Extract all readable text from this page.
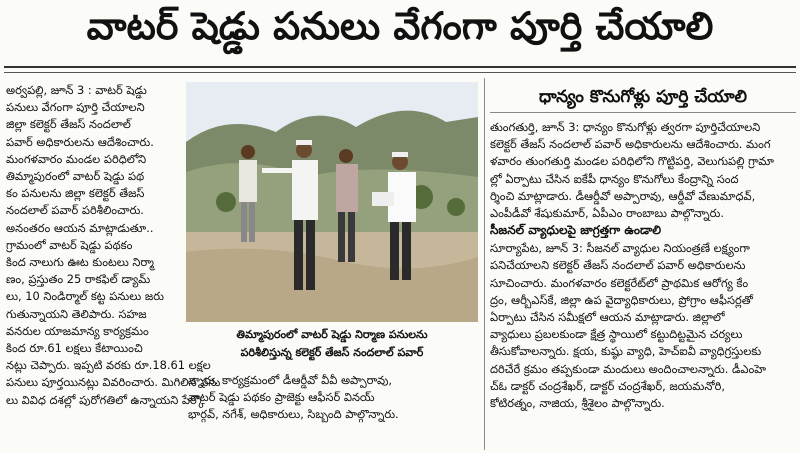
వాటర్ షెడ్డు పనులు వేగంగా పూర్తి చేయాలి
అర్వపల్లి, జూన్ 3 : వాటర్ షెడ్డు
పనులు వేగంగా పూర్తి చేయాలని
జిల్లా కలెక్టర్ తేజస్ నందలాల్
పవార్ అధికారులను ఆదేశించారు.
మంగళవారం మండల పరిధిలోని
తిమ్మాపురంలో వాటర్ షెడ్డు పథ
కం పనులను జిల్లా కలెక్టర్ తేజస్
నందలాల్ పవార్ పరిశీలించారు.
అనంతరం ఆయన మాట్లాడుతూ..
గ్రామంలో వాటర్ షెడ్డు పథకం
కింద నాలుగు ఊట కుంటలు నిర్మా
ణం, ప్రస్తుతం 25 రాకఫిల్ డ్యామ్
లు, 10 నిండిర్మాల్ కట్ట పనులు జరు
గుతున్నాయని తెలిపారు. సహజ
వనరుల యాజమాన్య కార్యక్రమం
కింద రూ.61 లక్షలు కేటాయించి
నట్లు చెప్పారు. ఇప్పటి వరకు రూ.18.61 లక్షల
పనులు పూర్తయినట్లు వివరించారు. మిగిలిన పను
లు వివిధ దశల్లో పురోగతిలో ఉన్నాయని పేర్కొ
తిమ్మాపురంలో వాటర్ షెడ్డు నిర్మాణ పనులను
పరిశీలిస్తున్న కలెక్టర్ తేజస్ నందలాల్ పవార్
న్నారు. కార్యక్రమంలో డీఆర్డీవో వీవీ అప్పారావు,
వాటర్ షెడ్డు పథకం ప్రాజెక్టు ఆఫీసర్ వినయ్
భార్గవ్, నగేశ్, అధికారులు, సిబ్బంది పాల్గొన్నారు.
ధాన్యం కొనుగోళ్లు పూర్తి చేయాలి
తుంగతుర్తి, జూన్ 3: ధాన్యం కొనుగోళ్లు త్వరగా పూర్తిచేయాలని
కలెక్టర్ తేజస్ నందలాల్ పవార్ అధికారులను ఆదేశించారు. మంగ
ళవారం తుంగతుర్తి మండల పరిధిలోని గొట్టిపర్తి, వెలుగుపల్లి గ్రామా
ల్లో ఏర్పాటు చేసిన ఐకేపీ ధాన్యం కొనుగోలు కేంద్రాన్ని సంద
ర్శించి మాట్లాడారు. డీఆర్డీవో అప్పారావు, ఆర్డీవో వేణుమాధవ్,
ఎంపీడీవో శేషుకుమార్, ఏపీఎం రాంబాబు పాల్గొన్నారు.
సీజనల్ వ్యాధులపై జాగ్రత్తగా ఉండాలి
సూర్యాపేట, జూన్ 3: సీజనల్ వ్యాధుల నియంత్రణే లక్ష్యంగా
పనిచేయాలని కలెక్టర్ తేజస్ నందలాల్ పవార్ అధికారులను
సూచించారు. మంగళవారం కలెక్టరేట్‌లో ప్రాథమిక ఆరోగ్య కేం
ద్రం, ఆర్బీఎస్‌కే, జిల్లా ఉప వైద్యాధికారులు, ప్రోగ్రాం ఆఫీసర్లతో
ఏర్పాటు చేసిన సమీక్షలో ఆయన మాట్లాడారు. జిల్లాలో
వ్యాధులు ప్రబలకుండా క్షేత్ర స్థాయిలో కట్టుదిట్టమైన చర్యలు
తీసుకోవాలన్నారు. క్షయ, కుష్ఠు వ్యాధి, హెచ్ఐవీ వ్యాధిగ్రస్తులకు
దరిచేరే క్రమం తప్పకుండా మందులు అందించాలన్నారు. డీఎంహె
చ్ఓ డాక్టర్ చంద్రశేఖర్, డాక్టర్ చంద్రశేఖర్, జయమనోరి,
కోటిరత్నం, నాజియ, శ్రీశైలం పాల్గొన్నారు.
